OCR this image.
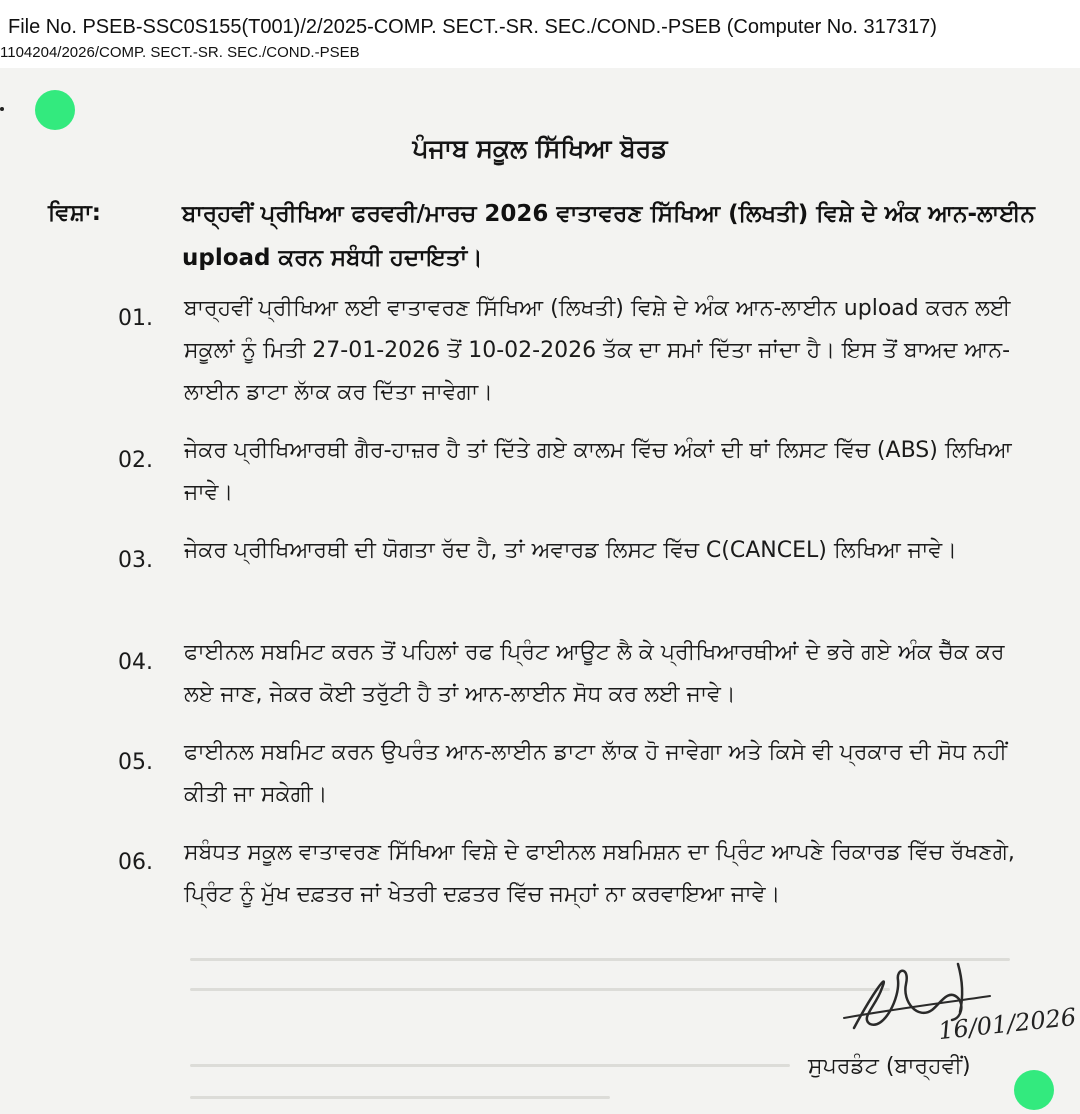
File No. PSEB-SSC0S155(T001)/2/2025-COMP. SECT.-SR. SEC./COND.-PSEB (Computer No. 317317)
1104204/2026/COMP. SECT.-SR. SEC./COND.-PSEB
ਪੰਜਾਬ ਸਕੂਲ ਸਿੱਖਿਆ ਬੋਰਡ
ਵਿਸ਼ਾ:	ਬਾਰ੍ਹਵੀਂ ਪ੍ਰੀਖਿਆ ਫਰਵਰੀ/ਮਾਰਚ 2026 ਵਾਤਾਵਰਣ ਸਿੱਖਿਆ (ਲਿਖਤੀ) ਵਿਸ਼ੇ ਦੇ ਅੰਕ ਆਨ-ਲਾਈਨ upload ਕਰਨ ਸਬੰਧੀ ਹਦਾਇਤਾਂ।
01. ਬਾਰ੍ਹਵੀਂ ਪ੍ਰੀਖਿਆ ਲਈ ਵਾਤਾਵਰਣ ਸਿੱਖਿਆ (ਲਿਖਤੀ) ਵਿਸ਼ੇ ਦੇ ਅੰਕ ਆਨ-ਲਾਈਨ upload ਕਰਨ ਲਈ ਸਕੂਲਾਂ ਨੂੰ ਮਿਤੀ 27-01-2026 ਤੋਂ 10-02-2026 ਤੱਕ ਦਾ ਸਮਾਂ ਦਿੱਤਾ ਜਾਂਦਾ ਹੈ। ਇਸ ਤੋਂ ਬਾਅਦ ਆਨ-ਲਾਈਨ ਡਾਟਾ ਲਾੱਕ ਕਰ ਦਿੱਤਾ ਜਾਵੇਗਾ।
02. ਜੇਕਰ ਪ੍ਰੀਖਿਆਰਥੀ ਗੈਰ-ਹਾਜ਼ਰ ਹੈ ਤਾਂ ਦਿੱਤੇ ਗਏ ਕਾਲਮ ਵਿੱਚ ਅੰਕਾਂ ਦੀ ਥਾਂ ਲਿਸਟ ਵਿੱਚ (ABS) ਲਿਖਿਆ ਜਾਵੇ।
03. ਜੇਕਰ ਪ੍ਰੀਖਿਆਰਥੀ ਦੀ ਯੋਗਤਾ ਰੱਦ ਹੈ, ਤਾਂ ਅਵਾਰਡ ਲਿਸਟ ਵਿੱਚ C(CANCEL) ਲਿਖਿਆ ਜਾਵੇ।
04. ਫਾਈਨਲ ਸਬਮਿਟ ਕਰਨ ਤੋਂ ਪਹਿਲਾਂ ਰਫ ਪ੍ਰਿੰਟ ਆਊਟ ਲੈ ਕੇ ਪ੍ਰੀਖਿਆਰਥੀਆਂ ਦੇ ਭਰੇ ਗਏ ਅੰਕ ਚੈੱਕ ਕਰ ਲਏ ਜਾਣ, ਜੇਕਰ ਕੋਈ ਤਰੁੱਟੀ ਹੈ ਤਾਂ ਆਨ-ਲਾਈਨ ਸੋਧ ਕਰ ਲਈ ਜਾਵੇ।
05. ਫਾਈਨਲ ਸਬਮਿਟ ਕਰਨ ਉਪਰੰਤ ਆਨ-ਲਾਈਨ ਡਾਟਾ ਲਾੱਕ ਹੋ ਜਾਵੇਗਾ ਅਤੇ ਕਿਸੇ ਵੀ ਪ੍ਰਕਾਰ ਦੀ ਸੋਧ ਨਹੀਂ ਕੀਤੀ ਜਾ ਸਕੇਗੀ।
06. ਸਬੰਧਤ ਸਕੂਲ ਵਾਤਾਵਰਣ ਸਿੱਖਿਆ ਵਿਸ਼ੇ ਦੇ ਫਾਈਨਲ ਸਬਮਿਸ਼ਨ ਦਾ ਪ੍ਰਿੰਟ ਆਪਣੇ ਰਿਕਾਰਡ ਵਿੱਚ ਰੱਖਣਗੇ, ਪ੍ਰਿੰਟ ਨੂੰ ਮੁੱਖ ਦਫ਼ਤਰ ਜਾਂ ਖੇਤਰੀ ਦਫ਼ਤਰ ਵਿੱਚ ਜਮ੍ਹਾਂ ਨਾ ਕਰਵਾਇਆ ਜਾਵੇ।
16/01/2026
ਸੁਪਰਡੰਟ (ਬਾਰ੍ਹਵੀਂ)
